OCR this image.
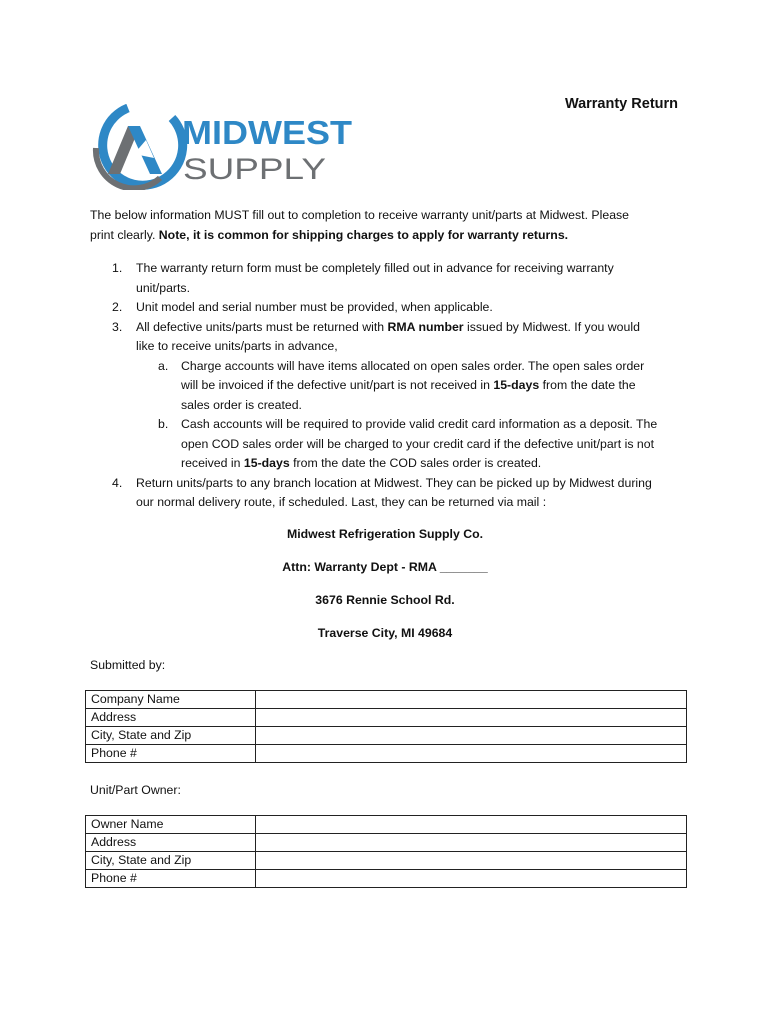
Warranty Return
MIDWEST
SUPPLY

The below information MUST fill out to completion to receive warranty unit/parts at Midwest. Please

print clearly. Note, it is common for shipping charges to apply for warranty returns.

1. The warranty return form must be completely filled out in advance for receiving warranty
unit/parts.
2. Unit model and serial number must be provided, when applicable.
3. All defective units/parts must be returned with RMA number issued by Midwest. If you would
like to receive units/parts in advance,
a. Charge accounts will have items allocated on open sales order. The open sales order
will be invoiced if the defective unit/part is not received in 15-days from the date the
sales order is created.
b. Cash accounts will be required to provide valid credit card information as a deposit. The
open COD sales order will be charged to your credit card if the defective unit/part is not
received in 15-days from the date the COD sales order is created.
4. Return units/parts to any branch location at Midwest. They can be picked up by Midwest during
our normal delivery route, if scheduled. Last, they can be returned via mail :
Midwest Refrigeration Supply Co.
Attn: Warranty Dept - RMA _______
3676 Rennie School Rd.
Traverse City, MI 49684
Submitted by:
Company Name	
Address	
City, State and Zip	
Phone #	
Unit/Part Owner:
Owner Name	
Address	
City, State and Zip	
Phone #	
